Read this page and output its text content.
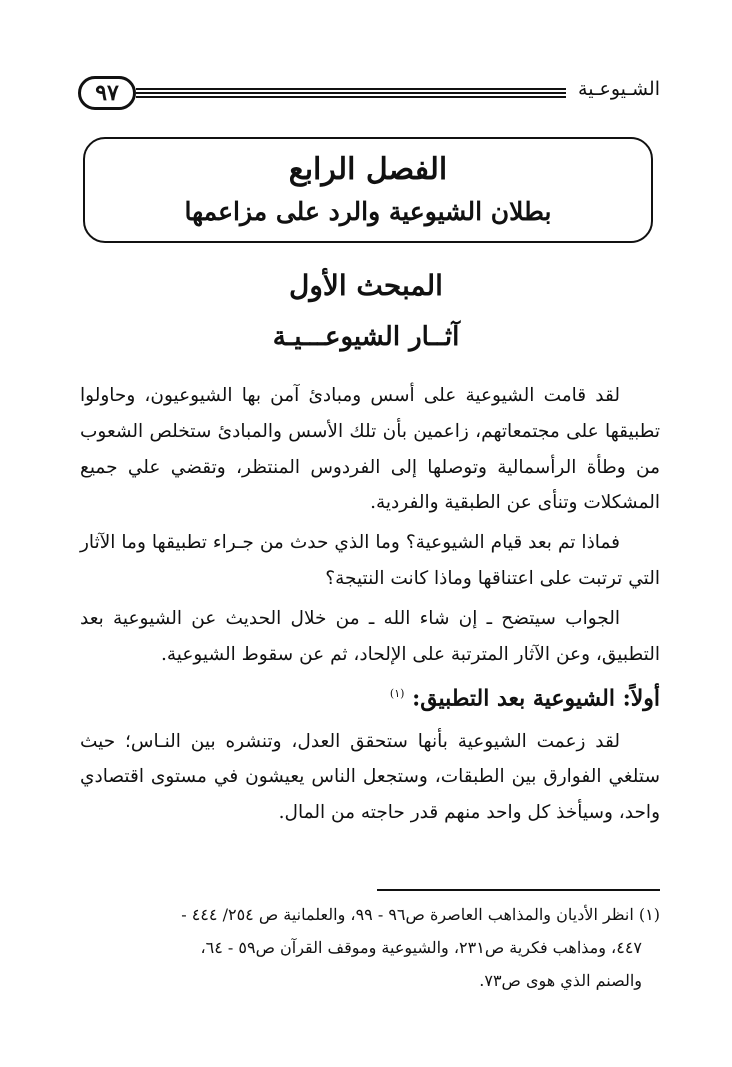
٩٧	الشـيوعـية
الفصل الرابع
بطلان الشيوعية والرد على مزاعمها
المبحث الأول
آثــار الشيوعـــيـة

لقد قامت الشيوعية على أسس ومبادئ آمن بها الشيوعيون، وحاولوا تطبيقها على مجتمعاتهم، زاعمين بأن تلك الأسس والمبادئ ستخلص الشعوب من وطأة الرأسمالية وتوصلها إلى الفردوس المنتظر، وتقضي علي جميع المشكلات وتنأى عن الطبقية والفردية.

فماذا تم بعد قيام الشيوعية؟ وما الذي حدث من جـراء تطبيقها وما الآثار التي ترتبت على اعتناقها وماذا كانت النتيجة؟

الجواب سيتضح ـ إن شاء الله ـ من خلال الحديث عن الشيوعية بعد التطبيق، وعن الآثار المترتبة على الإلحاد، ثم عن سقوط الشيوعية.

أولاً: الشيوعية بعد التطبيق: $^{(١)}$

لقد زعمت الشيوعية بأنها ستحقق العدل، وتنشره بين النـاس؛ حيث ستلغي الفوارق بين الطبقات، وستجعل الناس يعيشون في مستوى اقتصادي واحد، وسيأخذ كل واحد منهم قدر حاجته من المال.

(١) انظر الأديان والمذاهب العاصرة ص٩٦ - ٩٩، والعلمانية ص ٢٥٤/ ٤٤٤ -

٤٤٧، ومذاهب فكرية ص٢٣١، والشيوعية وموقف القرآن ص٥٩ - ٦٤،

والصنم الذي هوى ص٧٣.
